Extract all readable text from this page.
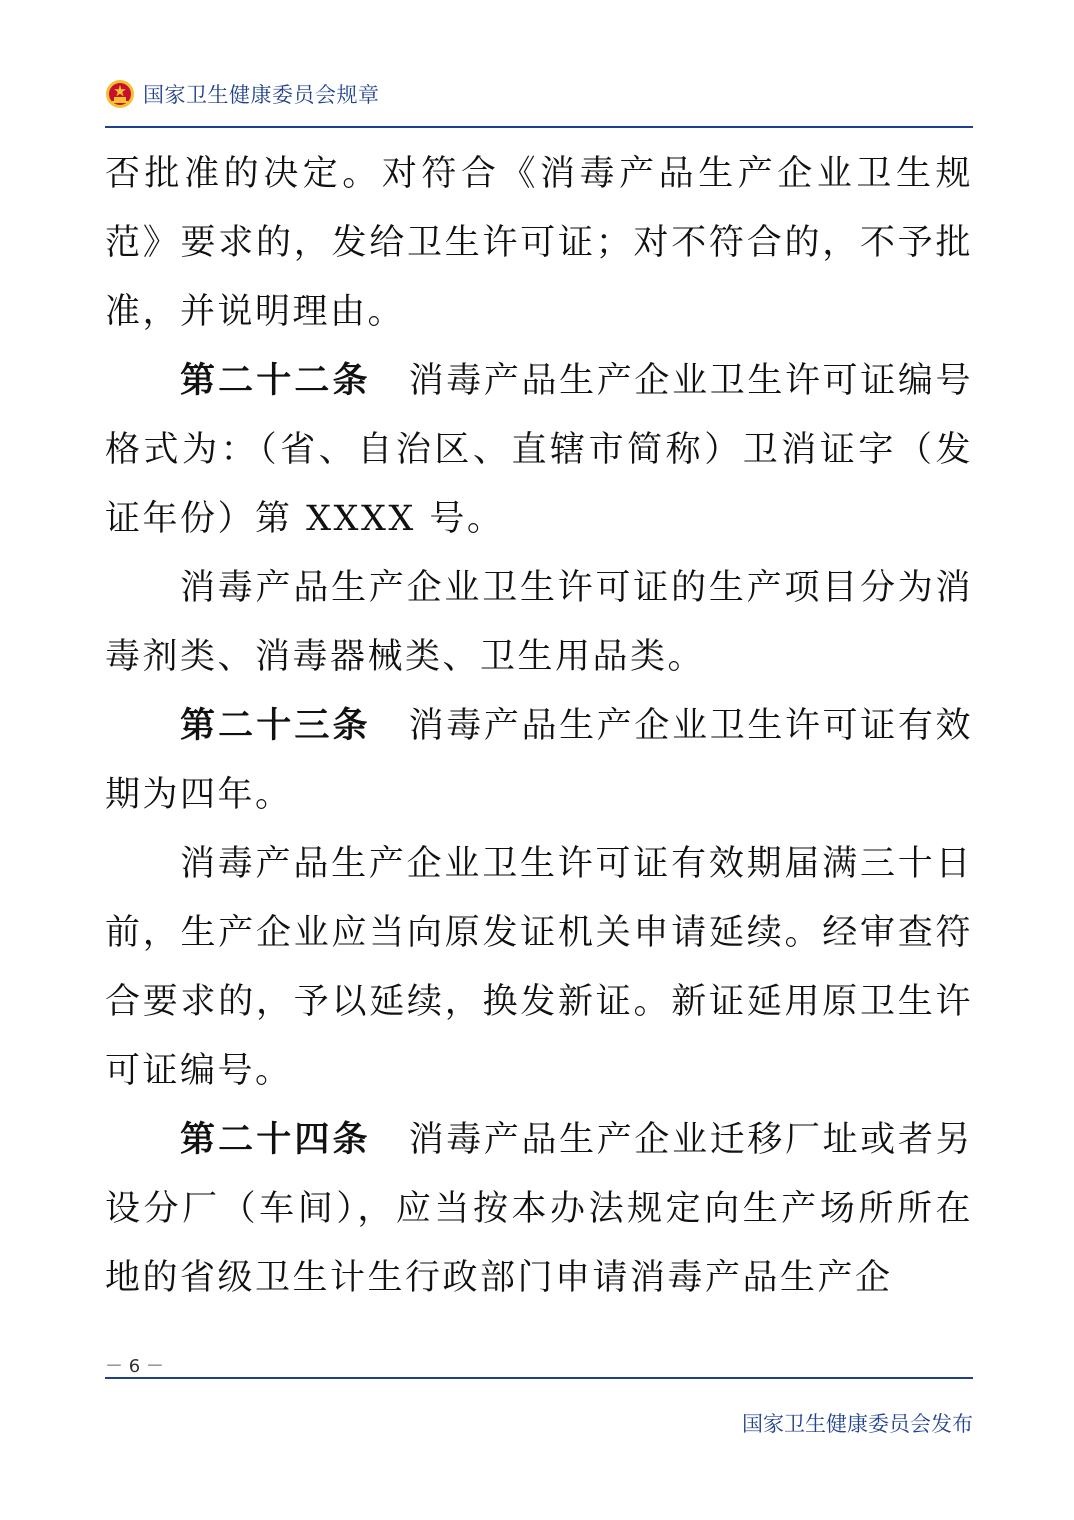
国家卫生健康委员会规章

否批准的决定。对符合《消毒产品生产企业卫生规范》要求的，发给卫生许可证；对不符合的，不予批准，并说明理由。

第二十二条 消毒产品生产企业卫生许可证编号格式为：（省、自治区、直辖市简称）卫消证字（发证年份）第 XXXX 号。

消毒产品生产企业卫生许可证的生产项目分为消毒剂类、消毒器械类、卫生用品类。

第二十三条 消毒产品生产企业卫生许可证有效期为四年。

消毒产品生产企业卫生许可证有效期届满三十日前，生产企业应当向原发证机关申请延续。经审查符合要求的，予以延续，换发新证。新证延用原卫生许可证编号。

第二十四条 消毒产品生产企业迁移厂址或者另设分厂（车间），应当按本办法规定向生产场所所在地的省级卫生计生行政部门申请消毒产品生产企

－ 6 －
国家卫生健康委员会发布
